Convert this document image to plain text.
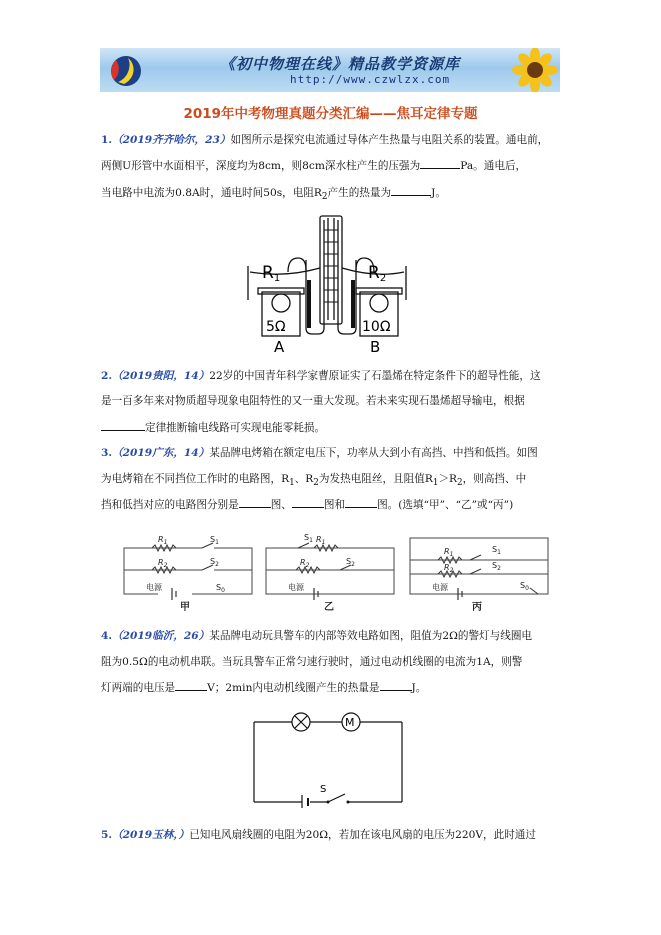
《初中物理在线》精品教学资源库
http://www.czwlzx.com
2019年中考物理真题分类汇编——焦耳定律专题
1.（2019齐齐哈尔，23）如图所示是探究电流通过导体产生热量与电阻关系的装置。通电前，
两侧U形管中水面相平，深度均为8cm，则8cm深水柱产生的压强为	Pa。通电后，
当电路中电流为0.8A时，通电时间50s，电阻$R_2$产生的热量为	J。
R1	R2
5Ω	10Ω
A	B
2.（2019贵阳，14）22岁的中国青年科学家曹原证实了石墨烯在特定条件下的超导性能，这
是一百多年来对物质超导现象电阻特性的又一重大发现。若未来实现石墨烯超导输电，根据
定律推断输电线路可实现电能零耗损。
3.（2019广东，14）某品牌电烤箱在额定电压下，功率从大到小有高挡、中挡和低挡。如图
为电烤箱在不同挡位工作时的电路图，$R_1$、$R_2$为发热电阻丝，且阻值$R_1>R_2$，则高挡、中
挡和低挡对应的电路图分别是	图、	图和	图。(选填“甲”、“乙”或“丙”)
$R_1$	$S_1$
$R_2$	$S_2$
电源
$R_1$
$S_1$
$R_2$	$S_2$
电源
$R_1$
$S_1$
$R_2$
$S_2$
电源	$S_0$
$S_0$
甲	乙	丙
4.（2019临沂，26）某品牌电动玩具警车的内部等效电路如图，阻值为2Ω的警灯与线圈电
阻为0.5Ω的电动机串联。当玩具警车正常匀速行驶时，通过电动机线圈的电流为1A，则警
灯两端的电压是	V；2min内电动机线圈产生的热量是	J。
M
S
5.（2019玉林，）已知电风扇线圈的电阻为20Ω，若加在该电风扇的电压为220V，此时通过
